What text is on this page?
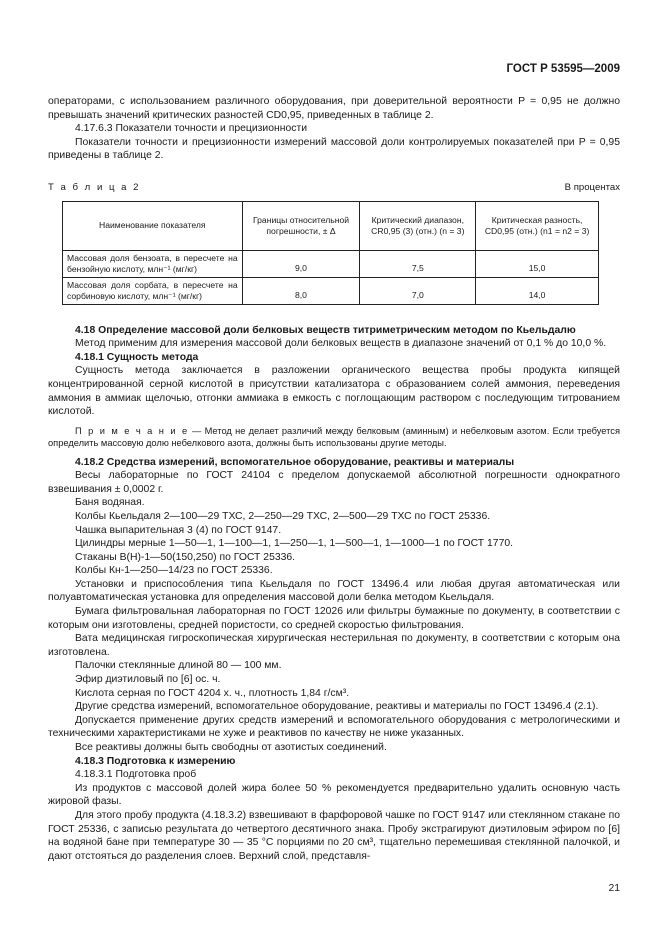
ГОСТ Р 53595—2009

операторами, с использованием различного оборудования, при доверительной вероятности P = 0,95 не должно превышать значений критических разностей CD0,95, приведенных в таблице 2.

4.17.6.3 Показатели точности и прецизионности

Показатели точности и прецизионности измерений массовой доли контролируемых показателей при P = 0,95 приведены в таблице 2.

Т а б л и ц а 2	В процентах
Наименование показателя	Границы относительной погрешности, ± Δ	Критический диапазон, CR0,95 (3) (отн.) (n = 3)	Критическая разность, CD0,95 (отн.) (n1 = n2 = 3)
Массовая доля бензоата, в пересчете на бензойную кислоту, млн⁻¹ (мг/кг)	9,0	7,5	15,0
Массовая доля сорбата, в пересчете на сорбиновую кислоту, млн⁻¹ (мг/кг)	8,0	7,0	14,0

4.18 Определение массовой доли белковых веществ титриметрическим методом по Кьельдалю

Метод применим для измерения массовой доли белковых веществ в диапазоне значений от 0,1 % до 10,0 %.

4.18.1 Сущность метода

Сущность метода заключается в разложении органического вещества пробы продукта кипящей концентрированной серной кислотой в присутствии катализатора с образованием солей аммония, переведения аммония в аммиак щелочью, отгонки аммиака в емкость с поглощающим раствором с последующим титрованием кислотой.

П р и м е ч а н и е — Метод не делает различий между белковым (аминным) и небелковым азотом. Если требуется определить массовую долю небелкового азота, должны быть использованы другие методы.

4.18.2 Средства измерений, вспомогательное оборудование, реактивы и материалы

Весы лабораторные по ГОСТ 24104 с пределом допускаемой абсолютной погрешности однократного взвешивания ± 0,0002 г.

Баня водяная.

Колбы Кьельдаля 2—100—29 ТХС, 2—250—29 ТХС, 2—500—29 ТХС по ГОСТ 25336.

Чашка выпарительная 3 (4) по ГОСТ 9147.

Цилиндры мерные 1—50—1, 1—100—1, 1—250—1, 1—500—1, 1—1000—1 по ГОСТ 1770.

Стаканы В(Н)-1—50(150,250) по ГОСТ 25336.

Колбы Кн-1—250—14/23 по ГОСТ 25336.

Установки и приспособления типа Кьельдаля по ГОСТ 13496.4 или любая другая автоматическая или полуавтоматическая установка для определения массовой доли белка методом Кьельдаля.

Бумага фильтровальная лабораторная по ГОСТ 12026 или фильтры бумажные по документу, в соответствии с которым они изготовлены, средней пористости, со средней скоростью фильтрования.

Вата медицинская гигроскопическая хирургическая нестерильная по документу, в соответствии с которым она изготовлена.

Палочки стеклянные длиной 80 — 100 мм.

Эфир диэтиловый по [6] ос. ч.

Кислота серная по ГОСТ 4204 х. ч., плотность 1,84 г/см³.

Другие средства измерений, вспомогательное оборудование, реактивы и материалы по ГОСТ 13496.4 (2.1).

Допускается применение других средств измерений и вспомогательного оборудования с метрологическими и техническими характеристиками не хуже и реактивов по качеству не ниже указанных.

Все реактивы должны быть свободны от азотистых соединений.

4.18.3 Подготовка к измерению

4.18.3.1 Подготовка проб

Из продуктов с массовой долей жира более 50 % рекомендуется предварительно удалить основную часть жировой фазы.

Для этого пробу продукта (4.18.3.2) взвешивают в фарфоровой чашке по ГОСТ 9147 или стеклянном стакане по ГОСТ 25336, с записью результата до четвертого десятичного знака. Пробу экстрагируют диэтиловым эфиром по [6] на водяной бане при температуре 30 — 35 °С порциями по 20 см³, тщательно перемешивая стеклянной палочкой, и дают отстояться до разделения слоев. Верхний слой, представля-

21
